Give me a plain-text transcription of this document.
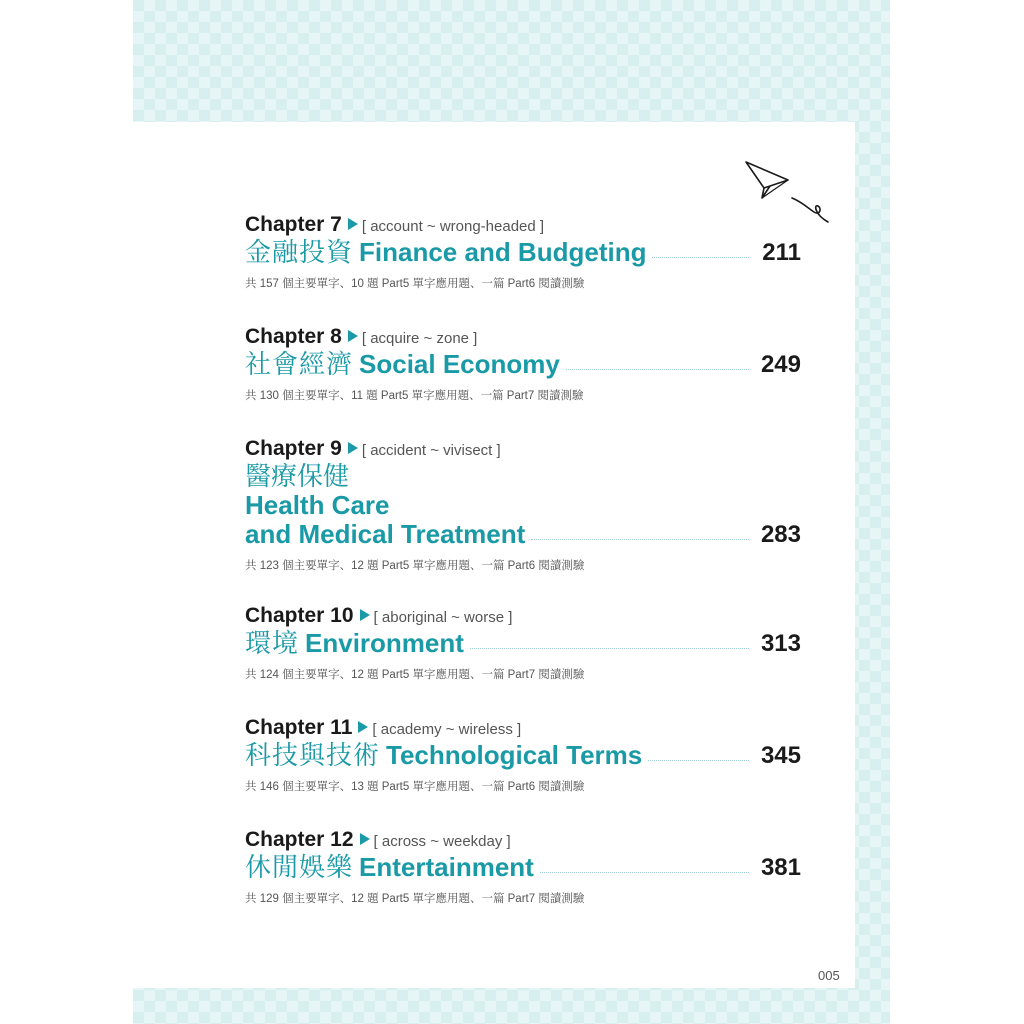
Chapter 7 [ account ~ wrong-headed ]
金融投資 Finance and Budgeting	211
共 157 個主要單字、10 題 Part5 單字應用題、一篇 Part6 閱讀測驗
Chapter 8 [ acquire ~ zone ]
社會經濟 Social Economy	249
共 130 個主要單字、11 題 Part5 單字應用題、一篇 Part7 閱讀測驗
Chapter 9 [ accident ~ vivisect ]
醫療保健
Health Care
and Medical Treatment	283
共 123 個主要單字、12 題 Part5 單字應用題、一篇 Part6 閱讀測驗
Chapter 10 [ aboriginal ~ worse ]
環境 Environment	313
共 124 個主要單字、12 題 Part5 單字應用題、一篇 Part7 閱讀測驗
Chapter 11 [ academy ~ wireless ]
科技與技術 Technological Terms	345
共 146 個主要單字、13 題 Part5 單字應用題、一篇 Part6 閱讀測驗
Chapter 12 [ across ~ weekday ]
休閒娛樂 Entertainment	381
共 129 個主要單字、12 題 Part5 單字應用題、一篇 Part7 閱讀測驗
005
